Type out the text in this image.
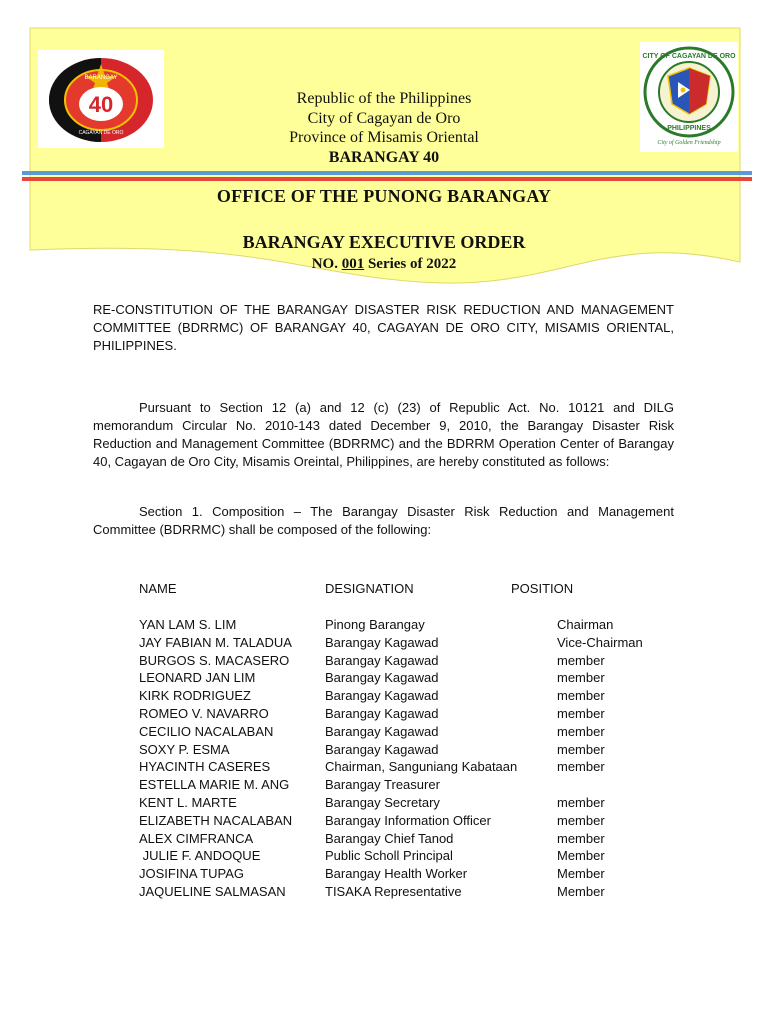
40
BARANGAY
CAGAYAN DE ORO
CITY OF CAGAYAN DE ORO
PHILIPPINES
City of Golden Friendship
Republic of the Philippines
City of Cagayan de Oro
Province of Misamis Oriental
BARANGAY 40
OFFICE OF THE PUNONG BARANGAY
BARANGAY EXECUTIVE ORDER
NO. 001 Series of 2022
RE-CONSTITUTION OF THE BARANGAY DISASTER RISK REDUCTION AND MANAGEMENT COMMITTEE (BDRRMC) OF BARANGAY 40, CAGAYAN DE ORO CITY, MISAMIS ORIENTAL, PHILIPPINES.
Pursuant to Section 12 (a) and 12 (c) (23) of Republic Act. No. 10121 and DILG memorandum Circular No. 2010-143 dated December 9, 2010, the Barangay Disaster Risk Reduction and Management Committee (BDRRMC) and the BDRRM Operation Center of Barangay 40, Cagayan de Oro City, Misamis Oreintal, Philippines, are hereby constituted as follows:
Section 1. Composition – The Barangay Disaster Risk Reduction and Management Committee (BDRRMC) shall be composed of the following:
NAME	DESIGNATION	POSITION
YAN LAM S. LIM	Pinong Barangay	Chairman
JAY FABIAN M. TALADUA	Barangay Kagawad	Vice-Chairman
BURGOS S. MACASERO	Barangay Kagawad	member
LEONARD JAN LIM	Barangay Kagawad	member
KIRK RODRIGUEZ	Barangay Kagawad	member
ROMEO V. NAVARRO	Barangay Kagawad	member
CECILIO NACALABAN	Barangay Kagawad	member
SOXY P. ESMA	Barangay Kagawad	member
HYACINTH CASERES	Chairman, Sanguniang Kabataan	member
ESTELLA MARIE M. ANG	Barangay Treasurer
KENT L. MARTE	Barangay Secretary	member
ELIZABETH NACALABAN	Barangay Information Officer	member
ALEX CIMFRANCA	Barangay Chief Tanod	member
JULIE F. ANDOQUE	Public Scholl Principal	Member
JOSIFINA TUPAG	Barangay Health Worker	Member
JAQUELINE SALMASAN	TISAKA Representative	Member
